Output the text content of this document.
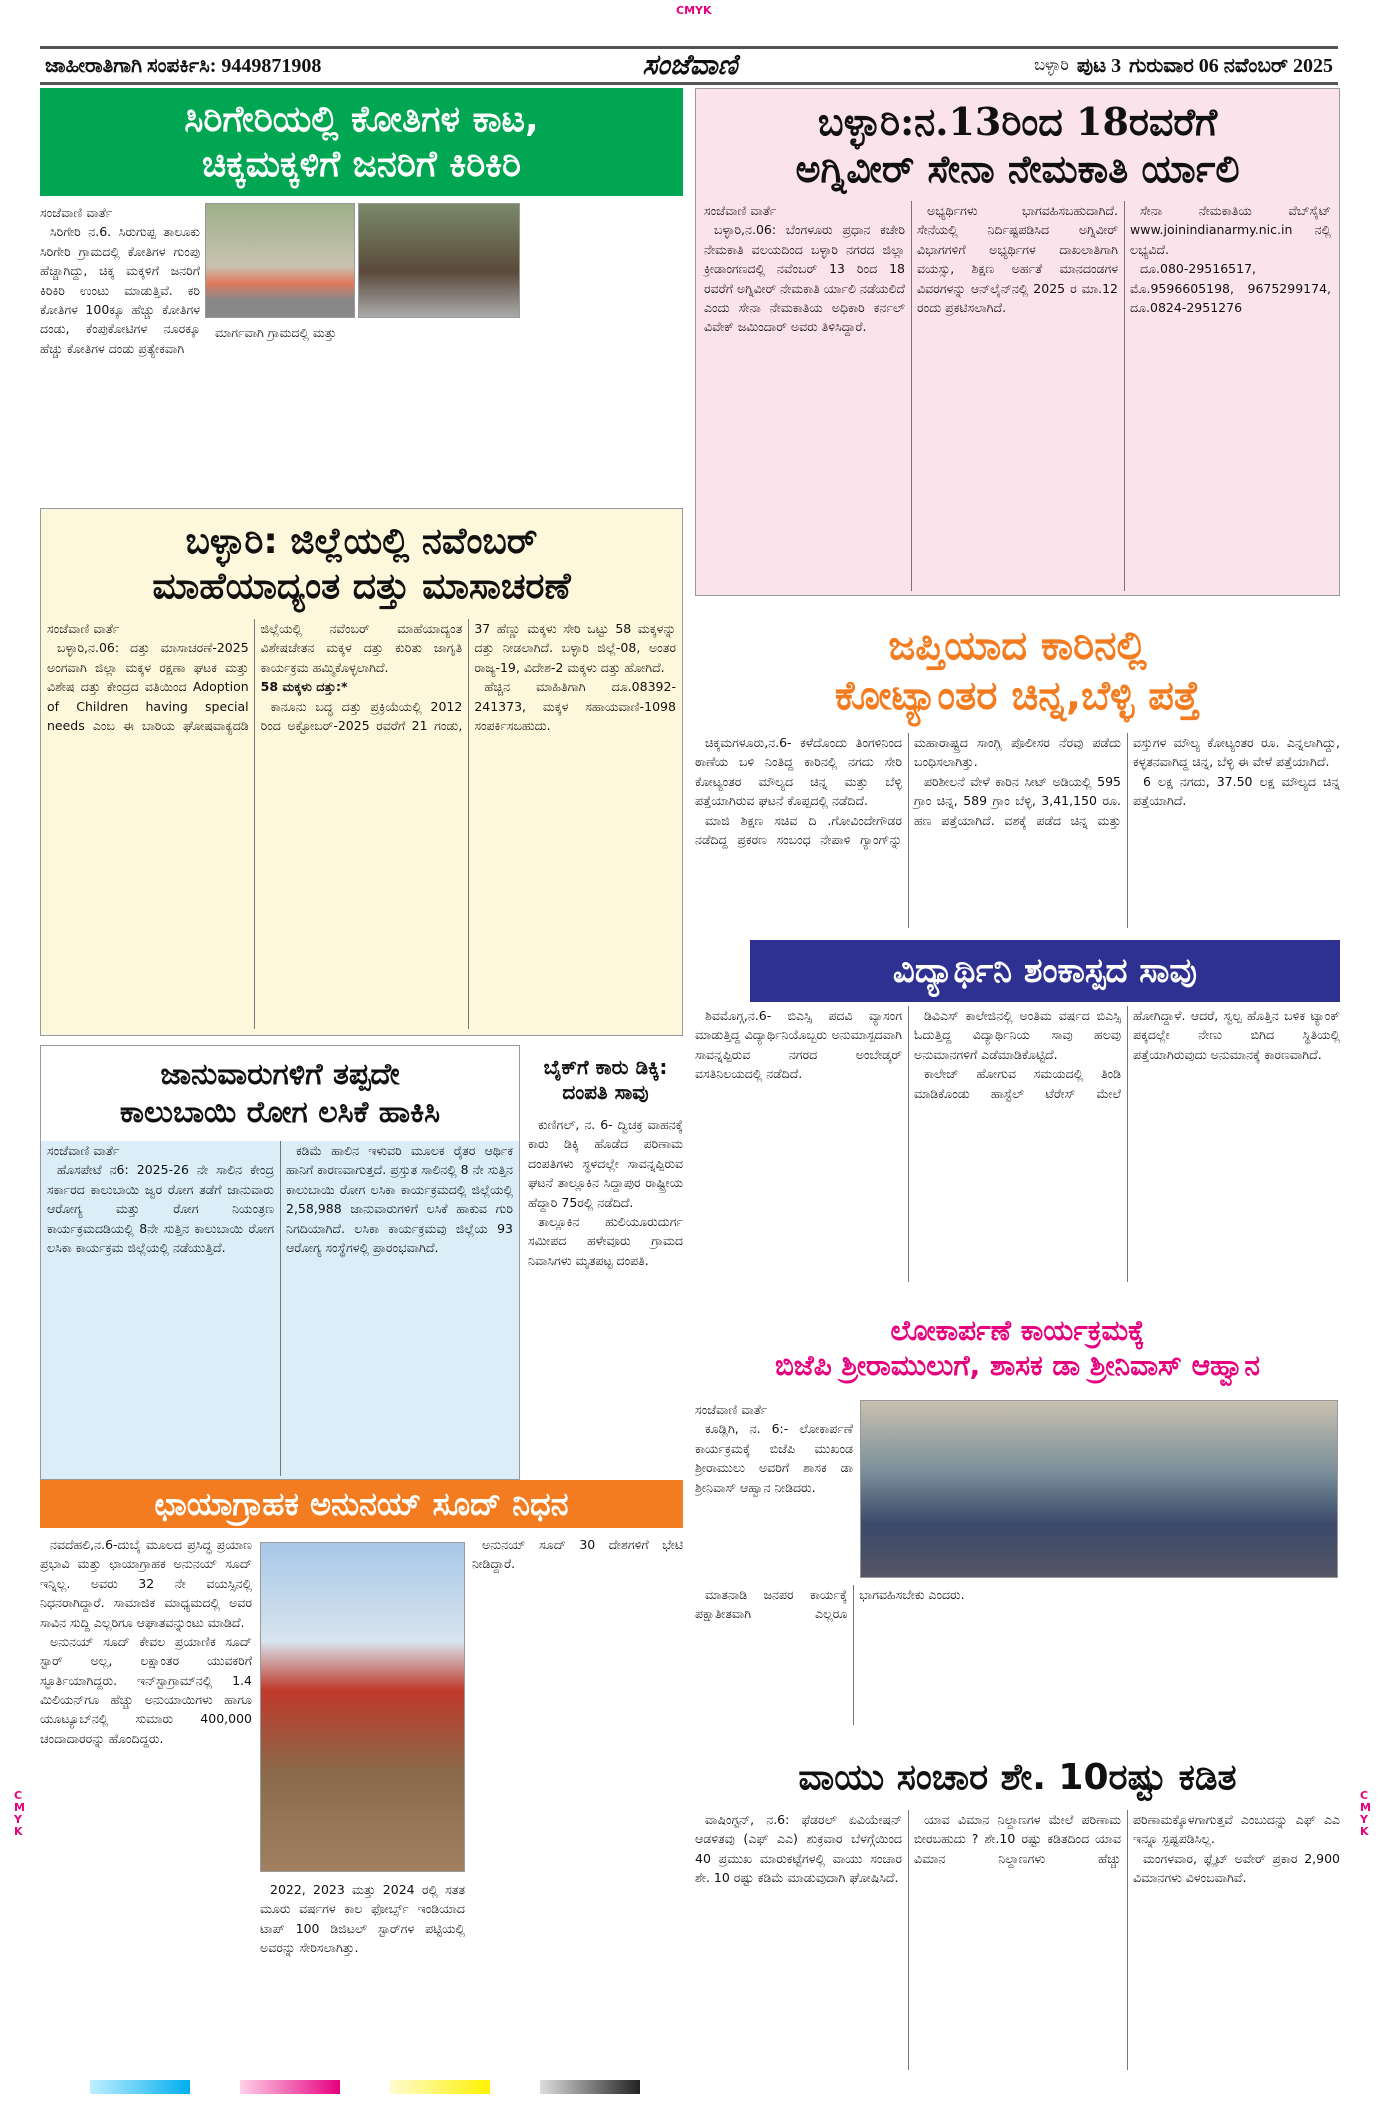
CMYK
CMYK
CMYK
ಜಾಹೀರಾತಿಗಾಗಿ ಸಂಪರ್ಕಿಸಿ: 9449871908	ಸಂಜೆವಾಣಿ	ಬಳ್ಳಾರಿ ಪುಟ 3 ಗುರುವಾರ 06 ನವೆಂಬರ್ 2025
ಸಿರಿಗೇರಿಯಲ್ಲಿ ಕೋತಿಗಳ ಕಾಟ,
ಚಿಕ್ಕಮಕ್ಕಳಿಗೆ ಜನರಿಗೆ ಕಿರಿಕಿರಿ

ಸಂಜೆವಾಣಿ ವಾರ್ತೆ

ಸಿರಿಗೇರಿ ನ.6. ಸಿರುಗುಪ್ಪ ತಾಲೂಕು ಸಿರಿಗೇರಿ ಗ್ರಾಮದಲ್ಲಿ ಕೋತಿಗಳ ಗುಂಪು ಹೆಚ್ಚಾಗಿದ್ದು, ಚಿಕ್ಕ ಮಕ್ಕಳಿಗೆ ಜನರಿಗೆ ಕಿರಿಕಿರಿ ಉಂಟು ಮಾಡುತ್ತಿವೆ. ಕರಿ ಕೋತಿಗಳ 100ಕ್ಕೂ ಹೆಚ್ಚು ಕೋತಿಗಳ ದಂಡು, ಕೆಂಪುಕೋಟಿಗಳ ನೂರಕ್ಕೂ ಹೆಚ್ಚು ಕೋತಿಗಳ ದಂಡು ಪ್ರತ್ಯೇಕವಾಗಿ

ಮಾರ್ಗವಾಗಿ ಗ್ರಾಮದಲ್ಲಿ ಮತ್ತು

ಬಳ್ಳಾರಿ:ನ.13ರಿಂದ 18ರವರೆಗೆ
ಅಗ್ನಿವೀರ್ ಸೇನಾ ನೇಮಕಾತಿ ರ್ಯಾಲಿ

ಸಂಜೆವಾಣಿ ವಾರ್ತೆ

ಬಳ್ಳಾರಿ,ನ.06: ಬೆಂಗಳೂರು ಪ್ರಧಾನ ಕಚೇರಿ ನೇಮಕಾತಿ ವಲಯದಿಂದ ಬಳ್ಳಾರಿ ನಗರದ ಜಿಲ್ಲಾ ಕ್ರೀಡಾಂಗಣದಲ್ಲಿ ನವೆಂಬರ್ 13 ರಿಂದ 18 ರವರೆಗೆ ಅಗ್ನಿವೀರ್ ನೇಮಕಾತಿ ರ್ಯಾಲಿ ನಡೆಯಲಿದೆ ಎಂದು ಸೇನಾ ನೇಮಕಾತಿಯ ಅಧಿಕಾರಿ ಕರ್ನಲ್ ವಿವೇಕ್ ಜಮಿಂದಾರ್ ಅವರು ತಿಳಿಸಿದ್ದಾರೆ.

ಅಭ್ಯರ್ಥಿಗಳು ಭಾಗವಹಿಸಬಹುದಾಗಿದೆ. ಸೇನೆಯಲ್ಲಿ ನಿರ್ದಿಷ್ಟಪಡಿಸಿದ ಅಗ್ನಿವೀರ್ ವಿಭಾಗಗಳಿಗೆ ಅಭ್ಯರ್ಥಿಗಳ ದಾಖಲಾತಿಗಾಗಿ ವಯಸ್ಸು, ಶಿಕ್ಷಣ ಅರ್ಹತೆ ಮಾನದಂಡಗಳ ವಿವರಗಳನ್ನು ಆನ್‌ಲೈನ್‌ನಲ್ಲಿ 2025 ರ ಮಾ.12 ರಂದು ಪ್ರಕಟಿಸಲಾಗಿದೆ.

ಸೇನಾ ನೇಮಕಾತಿಯ ವೆಬ್‌ಸೈಟ್ www.joinindianarmy.nic.in ನಲ್ಲಿ ಲಭ್ಯವಿದೆ.

ದೂ.080-29516517, ಮೊ.9596605198, 9675299174, ದೂ.0824-2951276

ಬಳ್ಳಾರಿ: ಜಿಲ್ಲೆಯಲ್ಲಿ ನವೆಂಬರ್
ಮಾಹೆಯಾದ್ಯಂತ ದತ್ತು ಮಾಸಾಚರಣೆ

ಸಂಜೆವಾಣಿ ವಾರ್ತೆ

ಬಳ್ಳಾರಿ,ನ.06: ದತ್ತು ಮಾಸಾಚರಣೆ-2025 ಅಂಗವಾಗಿ ಜಿಲ್ಲಾ ಮಕ್ಕಳ ರಕ್ಷಣಾ ಘಟಕ ಮತ್ತು ವಿಶೇಷ ದತ್ತು ಕೇಂದ್ರದ ವತಿಯಿಂದ Adoption of Children having special needs ಎಂಬ ಈ ಬಾರಿಯ ಘೋಷವಾಕ್ಯದಡಿ ಜಿಲ್ಲೆಯಲ್ಲಿ ನವೆಂಬರ್ ಮಾಹೆಯಾದ್ಯಂತ ವಿಶೇಷಚೇತನ ಮಕ್ಕಳ ದತ್ತು ಕುರಿತು ಜಾಗೃತಿ ಕಾರ್ಯಕ್ರಮ ಹಮ್ಮಿಕೊಳ್ಳಲಾಗಿದೆ.

58 ಮಕ್ಕಳು ದತ್ತು:*

ಕಾನೂನು ಬದ್ಧ ದತ್ತು ಪ್ರಕ್ರಿಯೆಯಲ್ಲಿ 2012 ರಿಂದ ಅಕ್ಟೋಬರ್-2025 ರವರೆಗೆ 21 ಗಂಡು, 37 ಹೆಣ್ಣು ಮಕ್ಕಳು ಸೇರಿ ಒಟ್ಟು 58 ಮಕ್ಕಳನ್ನು ದತ್ತು ನೀಡಲಾಗಿದೆ. ಬಳ್ಳಾರಿ ಜಿಲ್ಲೆ-08, ಅಂತರ ರಾಜ್ಯ-19, ವಿದೇಶ-2 ಮಕ್ಕಳು ದತ್ತು ಹೋಗಿದೆ.

ಹೆಚ್ಚಿನ ಮಾಹಿತಿಗಾಗಿ ದೂ.08392-241373, ಮಕ್ಕಳ ಸಹಾಯವಾಣಿ-1098 ಸಂಪರ್ಕಿಸಬಹುದು.

ಜಪ್ತಿಯಾದ ಕಾರಿನಲ್ಲಿ
ಕೋಟ್ಯಾಂತರ ಚಿನ್ನ,ಬೆಳ್ಳಿ ಪತ್ತೆ

ಚಿಕ್ಕಮಗಳೂರು,ನ.6- ಕಳೆದೊಂದು ತಿಂಗಳಿನಿಂದ ಠಾಣೆಯ ಬಳಿ ನಿಂತಿದ್ದ ಕಾರಿನಲ್ಲಿ ನಗದು ಸೇರಿ ಕೋಟ್ಯಂತರ ಮೌಲ್ಯದ ಚಿನ್ನ ಮತ್ತು ಬೆಳ್ಳಿ ಪತ್ತೆಯಾಗಿರುವ ಘಟನೆ ಕೊಪ್ಪದಲ್ಲಿ ನಡೆದಿದೆ.

ಮಾಜಿ ಶಿಕ್ಷಣ ಸಚಿವ ದಿ .ಗೋವಿಂದೇಗೌಡರ ನಡೆದಿದ್ದ ಪ್ರಕರಣ ಸಂಬಂಧ ನೇಪಾಳಿ ಗ್ಯಾಂಗ್‌ನ್ನು ಮಹಾರಾಷ್ಟ್ರದ ಸಾಂಗ್ಲಿ ಪೊಲೀಸರ ನೆರವು ಪಡೆದು ಬಂಧಿಸಲಾಗಿತ್ತು.

ಪರಿಶೀಲನೆ ವೇಳೆ ಕಾರಿನ ಸೀಟ್ ಅಡಿಯಲ್ಲಿ 595 ಗ್ರಾಂ ಚಿನ್ನ, 589 ಗ್ರಾಂ ಬೆಳ್ಳಿ, 3,41,150 ರೂ. ಹಣ ಪತ್ತೆಯಾಗಿದೆ. ವಶಕ್ಕೆ ಪಡೆದ ಚಿನ್ನ ಮತ್ತು ವಸ್ತುಗಳ ಮೌಲ್ಯ ಕೋಟ್ಯಂತರ ರೂ. ಎನ್ನಲಾಗಿದ್ದು, ಕಳ್ಳತನವಾಗಿದ್ದ ಚಿನ್ನ, ಬೆಳ್ಳಿ ಈ ವೇಳೆ ಪತ್ತೆಯಾಗಿದೆ.

6 ಲಕ್ಷ ನಗದು, 37.50 ಲಕ್ಷ ಮೌಲ್ಯದ ಚಿನ್ನ ಪತ್ತೆಯಾಗಿದೆ.

ವಿದ್ಯಾರ್ಥಿನಿ ಶಂಕಾಸ್ಪದ ಸಾವು

ಶಿವಮೊಗ್ಗ,ನ.6- ಬಿಎಸ್ಸಿ ಪದವಿ ವ್ಯಾಸಂಗ ಮಾಡುತ್ತಿದ್ದ ವಿದ್ಯಾರ್ಥಿನಿಯೊಬ್ಬರು ಅನುಮಾಸ್ಪದವಾಗಿ ಸಾವನ್ನಪ್ಪಿರುವ ನಗರದ ಅಂಬೇಡ್ಕರ್ ವಸತಿನಿಲಯದಲ್ಲಿ ನಡೆದಿದೆ.

ಡಿವಿಎಸ್ ಕಾಲೇಜಿನಲ್ಲಿ ಅಂತಿಮ ವರ್ಷದ ಬಿಎಸ್ಸಿ ಓದುತ್ತಿದ್ದ ವಿದ್ಯಾರ್ಥಿನಿಯ ಸಾವು ಹಲವು ಅನುಮಾನಗಳಿಗೆ ಎಡೆಮಾಡಿಕೊಟ್ಟಿದೆ.

ಕಾಲೇಜ್ ಹೋಗುವ ಸಮಯದಲ್ಲಿ ತಿಂಡಿ ಮಾಡಿಕೊಂಡು ಹಾಸ್ಟೆಲ್ ಟೆರೇಸ್ ಮೇಲೆ ಹೋಗಿದ್ದಾಳೆ. ಆದರೆ, ಸ್ವಲ್ಪ ಹೊತ್ತಿನ ಬಳಿಕ ಟ್ಯಾಂಕ್ ಪಕ್ಕದಲ್ಲೇ ನೇಣು ಬಿಗಿದ ಸ್ಥಿತಿಯಲ್ಲಿ ಪತ್ತೆಯಾಗಿರುವುದು ಅನುಮಾನಕ್ಕೆ ಕಾರಣವಾಗಿದೆ.

ಜಾನುವಾರುಗಳಿಗೆ ತಪ್ಪದೇ
ಕಾಲುಬಾಯಿ ರೋಗ ಲಸಿಕೆ ಹಾಕಿಸಿ

ಸಂಜೆವಾಣಿ ವಾರ್ತೆ

ಹೊಸಪೇಟೆ ನ6: 2025-26 ನೇ ಸಾಲಿನ ಕೇಂದ್ರ ಸರ್ಕಾರದ ಕಾಲುಬಾಯಿ ಜ್ವರ ರೋಗ ತಡೆಗೆ ಜಾನುವಾರು ಆರೋಗ್ಯ ಮತ್ತು ರೋಗ ನಿಯಂತ್ರಣ ಕಾರ್ಯಕ್ರಮದಡಿಯಲ್ಲಿ 8ನೇ ಸುತ್ತಿನ ಕಾಲುಬಾಯಿ ರೋಗ ಲಸಿಕಾ ಕಾರ್ಯಕ್ರಮ ಜಿಲ್ಲೆಯಲ್ಲಿ ನಡೆಯುತ್ತಿದೆ.

ಕಡಿಮೆ ಹಾಲಿನ ಇಳುವರಿ ಮೂಲಕ ರೈತರ ಆರ್ಥಿಕ ಹಾನಿಗೆ ಕಾರಣವಾಗುತ್ತದೆ. ಪ್ರಸ್ತುತ ಸಾಲಿನಲ್ಲಿ 8 ನೇ ಸುತ್ತಿನ ಕಾಲುಬಾಯಿ ರೋಗ ಲಸಿಕಾ ಕಾರ್ಯಕ್ರಮದಲ್ಲಿ ಜಿಲ್ಲೆಯಲ್ಲಿ 2,58,988 ಜಾನುವಾರುಗಳಿಗೆ ಲಸಿಕೆ ಹಾಕುವ ಗುರಿ ನಿಗದಿಯಾಗಿದೆ. ಲಸಿಕಾ ಕಾರ್ಯಕ್ರಮವು ಜಿಲ್ಲೆಯ 93 ಆರೋಗ್ಯ ಸಂಸ್ಥೆಗಳಲ್ಲಿ ಪ್ರಾರಂಭವಾಗಿದೆ.

ಬೈಕ್‌ಗೆ ಕಾರು ಡಿಕ್ಕಿ:
ದಂಪತಿ ಸಾವು

ಕುಣಿಗಲ್, ನ. 6- ದ್ವಿಚಕ್ರ ವಾಹನಕ್ಕೆ ಕಾರು ಡಿಕ್ಕಿ ಹೊಡೆದ ಪರಿಣಾಮ ದಂಪತಿಗಳು ಸ್ಥಳದಲ್ಲೇ ಸಾವನ್ನಪ್ಪಿರುವ ಘಟನೆ ತಾಲ್ಲೂಕಿನ ಸಿದ್ದಾಪುರ ರಾಷ್ಟ್ರೀಯ ಹೆದ್ದಾರಿ 75ರಲ್ಲಿ ನಡೆದಿದೆ.

ತಾಲ್ಲೂಕಿನ ಹುಲಿಯೂರುದುರ್ಗ ಸಮೀಪದ ಹಳೇವೂರು ಗ್ರಾಮದ ನಿವಾಸಿಗಳು ಮೃತಪಟ್ಟ ದಂಪತಿ.

ಲೋಕಾರ್ಪಣೆ ಕಾರ್ಯಕ್ರಮಕ್ಕೆ
ಬಿಜೆಪಿ ಶ್ರೀರಾಮುಲುಗೆ, ಶಾಸಕ ಡಾ ಶ್ರೀನಿವಾಸ್ ಆಹ್ವಾನ

ಸಂಜೆವಾಣಿ ವಾರ್ತೆ

ಕೂಡ್ಲಿಗಿ, ನ. 6:- ಲೋಕಾರ್ಪಣೆ ಕಾರ್ಯಕ್ರಮಕ್ಕೆ ಬಿಜೆಪಿ ಮುಖಂಡ ಶ್ರೀರಾಮುಲು ಅವರಿಗೆ ಶಾಸಕ ಡಾ ಶ್ರೀನಿವಾಸ್ ಆಹ್ವಾನ ನೀಡಿದರು.

ಮಾತನಾಡಿ ಜನಪರ ಕಾರ್ಯಕ್ಕೆ ಪಕ್ಷಾತೀತವಾಗಿ ಎಲ್ಲರೂ ಭಾಗವಹಿಸಬೇಕು ಎಂದರು.

ಛಾಯಾಗ್ರಾಹಕ ಅನುನಯ್ ಸೂದ್ ನಿಧನ

ನವದೆಹಲಿ,ನ.6-ದುಬೈ ಮೂಲದ ಪ್ರಸಿದ್ಧ ಪ್ರಯಾಣ ಪ್ರಭಾವಿ ಮತ್ತು ಛಾಯಾಗ್ರಾಹಕ ಅನುನಯ್ ಸೂದ್ ಇನ್ನಿಲ್ಲ. ಅವರು 32 ನೇ ವಯಸ್ಸಿನಲ್ಲಿ ನಿಧನರಾಗಿದ್ದಾರೆ. ಸಾಮಾಜಿಕ ಮಾಧ್ಯಮದಲ್ಲಿ ಅವರ ಸಾವಿನ ಸುದ್ದಿ ಎಲ್ಲರಿಗೂ ಆಘಾತವನ್ನುಂಟು ಮಾಡಿದೆ.

ಅನುನಯ್ ಸೂದ್ ಕೇವಲ ಪ್ರಯಾಣಿಕ ಸೂದ್ ಸ್ಟಾರ್ ಅಲ್ಲ, ಲಕ್ಷಾಂತರ ಯುವಕರಿಗೆ ಸ್ಫೂರ್ತಿಯಾಗಿದ್ದರು. ಇನ್‌ಸ್ಟಾಗ್ರಾಮ್‌ನಲ್ಲಿ 1.4 ಮಿಲಿಯನ್‌ಗೂ ಹೆಚ್ಚು ಅನುಯಾಯಿಗಳು ಹಾಗೂ ಯೂಟ್ಯೂಬ್‌ನಲ್ಲಿ ಸುಮಾರು 400,000 ಚಂದಾದಾರರನ್ನು ಹೊಂದಿದ್ದರು.

2022, 2023 ಮತ್ತು 2024 ರಲ್ಲಿ ಸತತ ಮೂರು ವರ್ಷಗಳ ಕಾಲ ಫೋರ್ಬ್ಸ್ ಇಂಡಿಯಾದ ಟಾಪ್ 100 ಡಿಜಿಟಲ್ ಸ್ಟಾರ್‌ಗಳ ಪಟ್ಟಿಯಲ್ಲಿ ಅವರನ್ನು ಸೇರಿಸಲಾಗಿತ್ತು.

ಅನುನಯ್ ಸೂದ್ 30 ದೇಶಗಳಿಗೆ ಭೇಟಿ ನೀಡಿದ್ದಾರೆ.

ವಾಯು ಸಂಚಾರ ಶೇ. 10ರಷ್ಟು ಕಡಿತ

ವಾಷಿಂಗ್ಟನ್, ನ.6: ಫೆಡರಲ್ ಏವಿಯೇಷನ್ ಆಡಳಿತವು (ಎಫ್ ಎಎ) ಶುಕ್ರವಾರ ಬೆಳಗ್ಗೆಯಿಂದ 40 ಪ್ರಮುಖ ಮಾರುಕಟ್ಟೆಗಳಲ್ಲಿ ವಾಯು ಸಂಚಾರ ಶೇ. 10 ರಷ್ಟು ಕಡಿಮೆ ಮಾಡುವುದಾಗಿ ಘೋಷಿಸಿದೆ.

ಯಾವ ವಿಮಾನ ನಿಲ್ದಾಣಗಳ ಮೇಲೆ ಪರಿಣಾಮ ಬೀರಬಹುದು ? ಶೇ.10 ರಷ್ಟು ಕಡಿತದಿಂದ ಯಾವ ವಿಮಾನ ನಿಲ್ದಾಣಗಳು ಹೆಚ್ಚು ಪರಿಣಾಮಕ್ಕೊಳಗಾಗುತ್ತವೆ ಎಂಬುದನ್ನು ಎಫ್ ಎಎ ಇನ್ನೂ ಸ್ಪಷ್ಟಪಡಿಸಿಲ್ಲ.

ಮಂಗಳವಾರ, ಫ್ಲೈಟ್ ಅವೇರ್ ಪ್ರಕಾರ 2,900 ವಿಮಾನಗಳು ವಿಳಂಬವಾಗಿವೆ.
